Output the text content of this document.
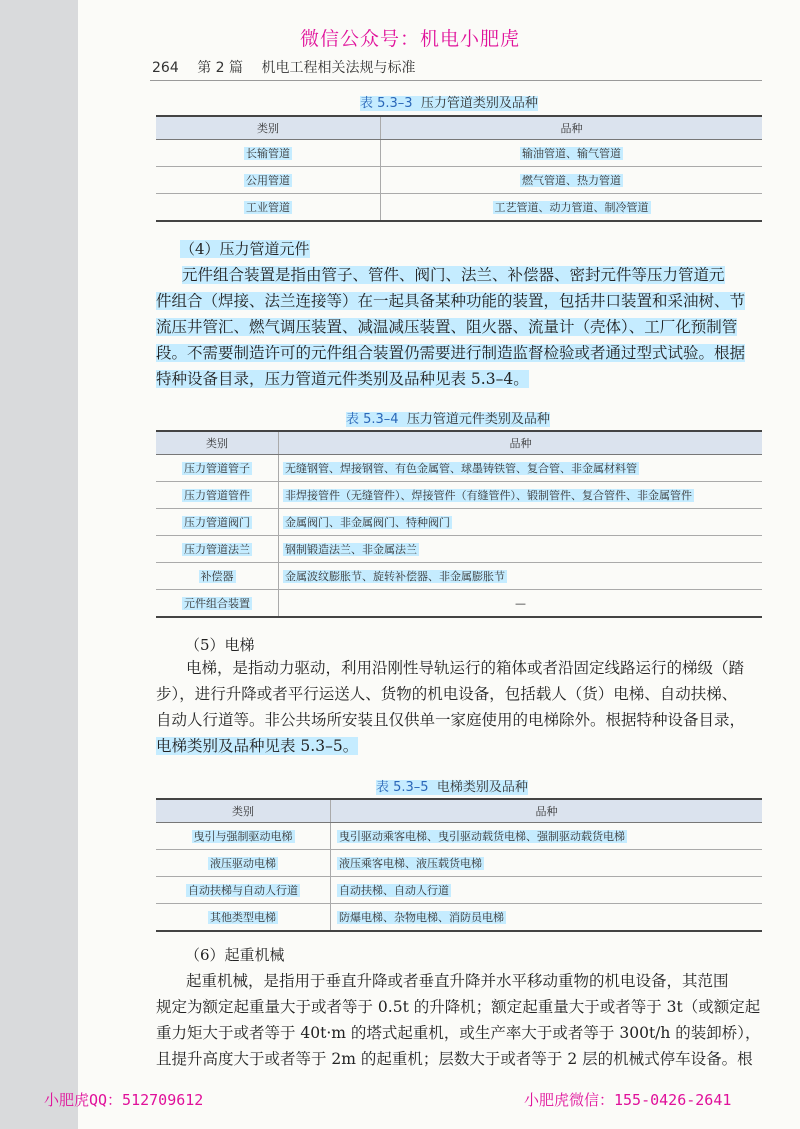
微信公众号：机电小肥虎
264 第 2 篇 机电工程相关法规与标准
表 5.3–3 压力管道类别及品种
类别	品种
长输管道	输油管道、输气管道
公用管道	燃气管道、热力管道
工业管道	工艺管道、动力管道、制冷管道
（4）压力管道元件
元件组合装置是指由管子、管件、阀门、法兰、补偿器、密封元件等压力管道元
件组合（焊接、法兰连接等）在一起具备某种功能的装置，包括井口装置和采油树、节
流压井管汇、燃气调压装置、减温减压装置、阻火器、流量计（壳体）、工厂化预制管
段。不需要制造许可的元件组合装置仍需要进行制造监督检验或者通过型式试验。根据
特种设备目录，压力管道元件类别及品种见表 5.3–4。
表 5.3–4 压力管道元件类别及品种
类别	品种
压力管道管子	无缝钢管、焊接钢管、有色金属管、球墨铸铁管、复合管、非金属材料管
压力管道管件	非焊接管件（无缝管件）、焊接管件（有缝管件）、锻制管件、复合管件、非金属管件
压力管道阀门	金属阀门、非金属阀门、特种阀门
压力管道法兰	钢制锻造法兰、非金属法兰
补偿器	金属波纹膨胀节、旋转补偿器、非金属膨胀节
元件组合装置	—
（5）电梯
电梯，是指动力驱动，利用沿刚性导轨运行的箱体或者沿固定线路运行的梯级（踏
步），进行升降或者平行运送人、货物的机电设备，包括载人（货）电梯、自动扶梯、
自动人行道等。非公共场所安装且仅供单一家庭使用的电梯除外。根据特种设备目录，
电梯类别及品种见表 5.3–5。
表 5.3–5 电梯类别及品种
类别	品种
曳引与强制驱动电梯	曳引驱动乘客电梯、曳引驱动载货电梯、强制驱动载货电梯
液压驱动电梯	液压乘客电梯、液压载货电梯
自动扶梯与自动人行道	自动扶梯、自动人行道
其他类型电梯	防爆电梯、杂物电梯、消防员电梯
（6）起重机械
起重机械，是指用于垂直升降或者垂直升降并水平移动重物的机电设备，其范围
规定为额定起重量大于或者等于 0.5t 的升降机；额定起重量大于或者等于 3t（或额定起
重力矩大于或者等于 40t·m 的塔式起重机，或生产率大于或者等于 300t/h 的装卸桥），
且提升高度大于或者等于 2m 的起重机；层数大于或者等于 2 层的机械式停车设备。根
小肥虎QQ：512709612	小肥虎微信：155-0426-2641
